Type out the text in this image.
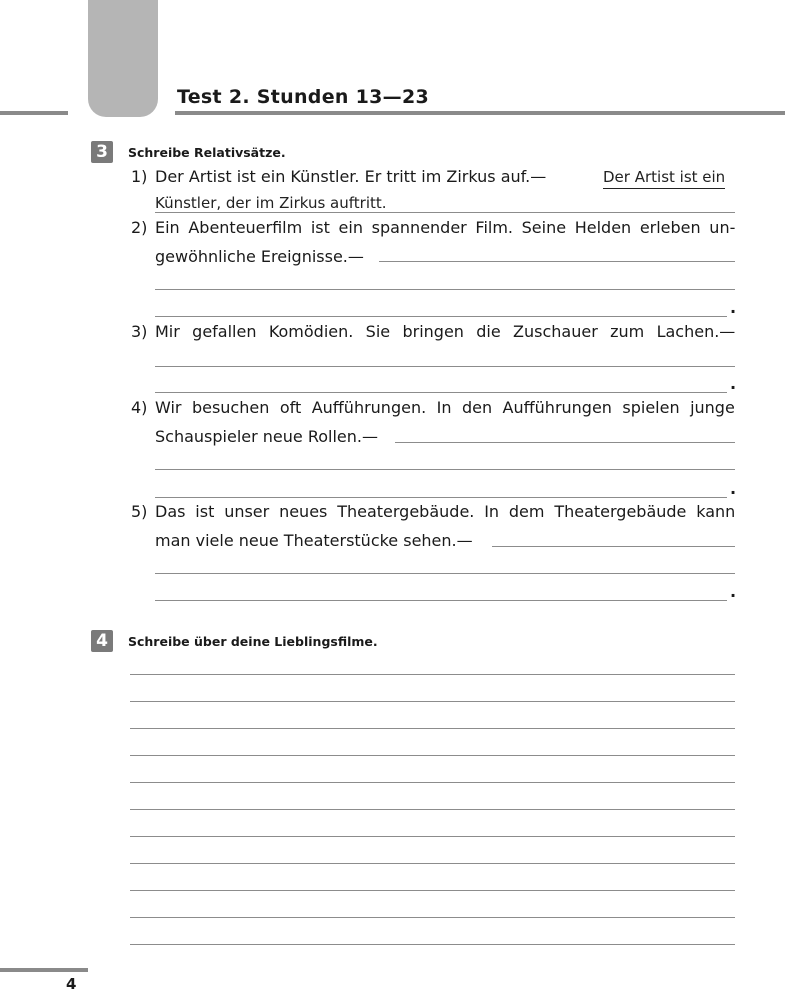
Test 2. Stunden 13—23
3	Schreibe Relativsätze.
1) Der Artist ist ein Künstler. Er tritt im Zirkus auf.—	Der Artist ist ein
Künstler, der im Zirkus auftritt.
2) Ein Abenteuerfilm ist ein spannender Film. Seine Helden erleben un-
gewöhnliche Ereignisse.—
.
3) Mir gefallen Komödien. Sie bringen die Zuschauer zum Lachen.—
.
4) Wir besuchen oft Aufführungen. In den Aufführungen spielen junge
Schauspieler neue Rollen.—
.
5) Das ist unser neues Theatergebäude. In dem Theatergebäude kann
man viele neue Theaterstücke sehen.—
.
4	Schreibe über deine Lieblingsfilme.
4
